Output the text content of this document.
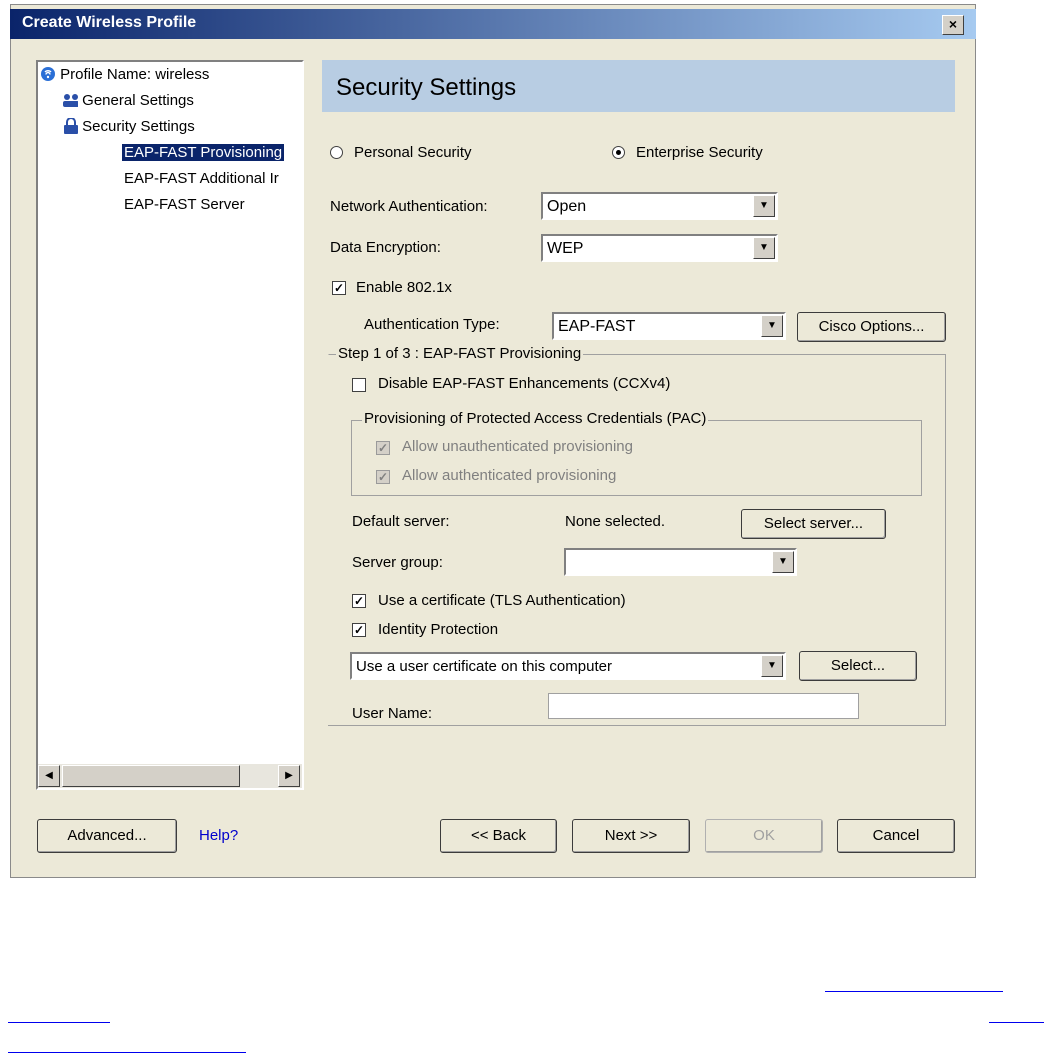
Create Wireless Profile	×
Profile Name: wireless
General Settings
Security Settings
EAP-FAST Provisioning
EAP-FAST Additional Ir
EAP-FAST Server
◀	▶
Security Settings
Personal Security	Enterprise Security
Network Authentication:	Open	▼
Data Encryption:	WEP	▼
✓ Enable 802.1x
Authentication Type:	EAP-FAST	▼	Cisco Options...
Step 1 of 3 : EAP-FAST Provisioning
Disable EAP-FAST Enhancements (CCXv4)
Provisioning of Protected Access Credentials (PAC)
✓ Allow unauthenticated provisioning
✓ Allow authenticated provisioning
Default server:	None selected.	Select server...
Server group:	▼
✓ Use a certificate (TLS Authentication)
✓ Identity Protection
Use a user certificate on this computer	▼	Select...
User Name:
Advanced...	Help?	<< Back	Next >>	OK	Cancel
